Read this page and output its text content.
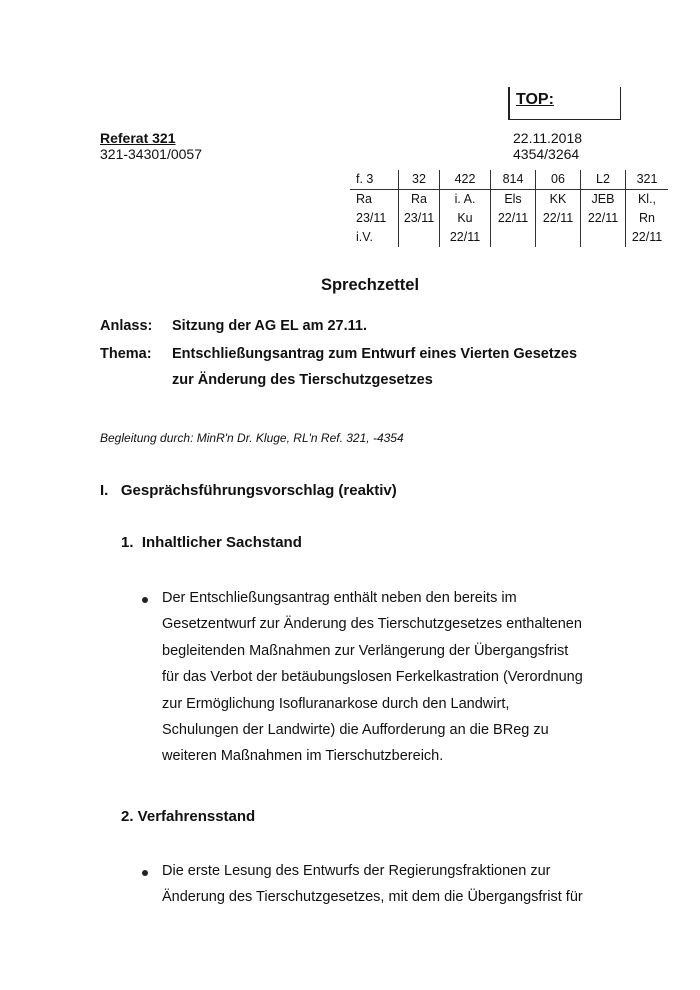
TOP:
Referat 321
321-34301/0057
22.11.2018
4354/3264
f. 3	32	422	814	06	L2	321
Ra	Ra	i. A.	Els	KK	JEB	Kl.,
23/11	23/11	Ku	22/11	22/11	22/11	Rn
i.V.		22/11				22/11
Sprechzettel
Anlass: Sitzung der AG EL am 27.11.
Thema: Entschließungsantrag zum Entwurf eines Vierten Gesetzes
zur Änderung des Tierschutzgesetzes
Begleitung durch: MinR'n Dr. Kluge, RL'n Ref. 321, -4354
I.   Gesprächsführungsvorschlag (reaktiv)
1.  Inhaltlicher Sachstand
Der Entschließungsantrag enthält neben den bereits im
Gesetzentwurf zur Änderung des Tierschutzgesetzes enthaltenen
begleitenden Maßnahmen zur Verlängerung der Übergangsfrist
für das Verbot der betäubungslosen Ferkelkastration (Verordnung
zur Ermöglichung Isofluranarkose durch den Landwirt,
Schulungen der Landwirte) die Aufforderung an die BReg zu
weiteren Maßnahmen im Tierschutzbereich.
2. Verfahrensstand
Die erste Lesung des Entwurfs der Regierungsfraktionen zur
Änderung des Tierschutzgesetzes, mit dem die Übergangsfrist für
